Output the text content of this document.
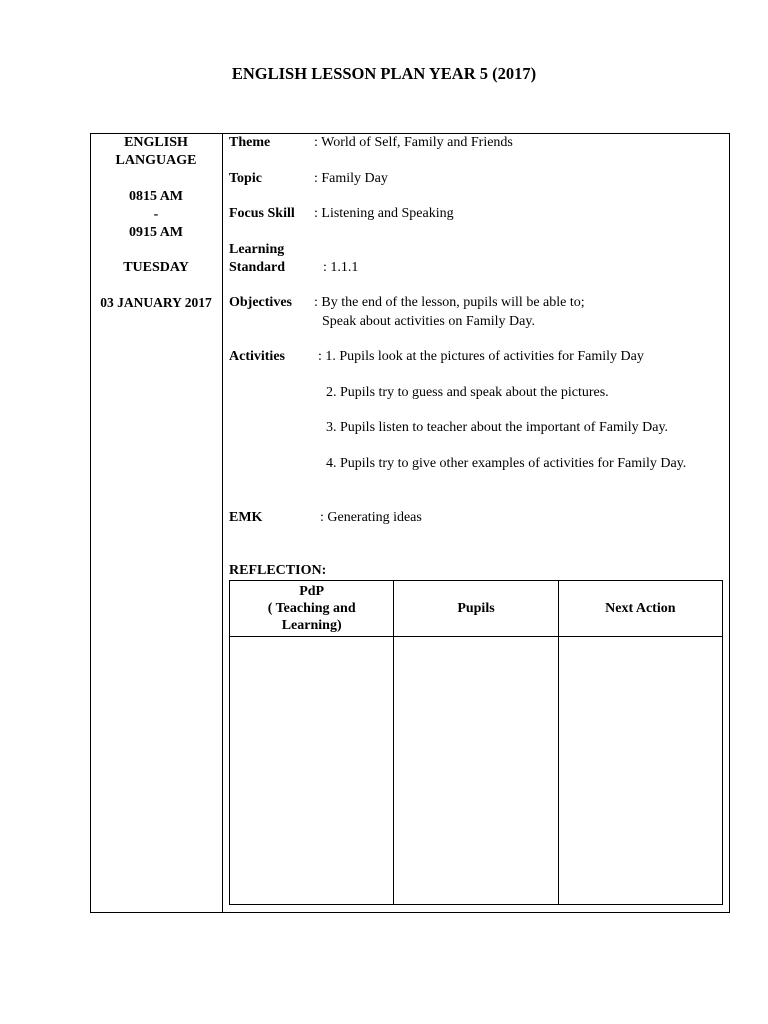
ENGLISH LESSON PLAN YEAR 5 (2017)
ENGLISH
LANGUAGE
0815 AM
-
0915 AM
TUESDAY
03 JANUARY 2017
Theme	: World of Self, Family and Friends
Topic	: Family Day
Focus Skill : Listening and Speaking
Learning
Standard	: 1.1.1
Objectives : By the end of the lesson, pupils will be able to;
Speak about activities on Family Day.
Activities : 1. Pupils look at the pictures of activities for Family Day
2. Pupils try to guess and speak about the pictures.
3. Pupils listen to teacher about the important of Family Day.
4. Pupils try to give other examples of activities for Family Day.
EMK	: Generating ideas
REFLECTION:
PdP
( Teaching and
Learning)	Pupils	Next Action
